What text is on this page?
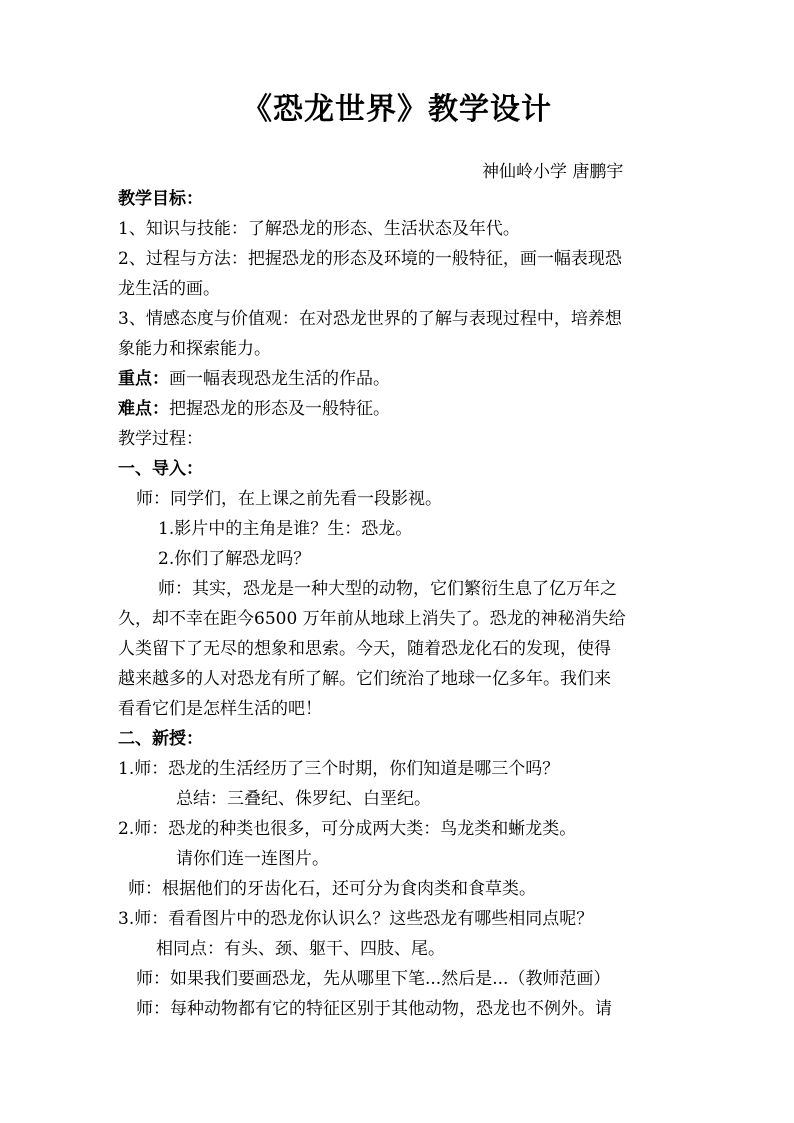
《恐龙世界》教学设计
神仙岭小学 唐鹏宇
教学目标：
1、知识与技能：了解恐龙的形态、生活状态及年代。
2、过程与方法：把握恐龙的形态及环境的一般特征，画一幅表现恐
龙生活的画。
3、情感态度与价值观：在对恐龙世界的了解与表现过程中，培养想
象能力和探索能力。
重点：画一幅表现恐龙生活的作品。
难点：把握恐龙的形态及一般特征。
教学过程：
一、导入：
师：同学们，在上课之前先看一段影视。
1.影片中的主角是谁？生：恐龙。
2.你们了解恐龙吗？
师：其实，恐龙是一种大型的动物，它们繁衍生息了亿万年之
久，却不幸在距今6500 万年前从地球上消失了。恐龙的神秘消失给
人类留下了无尽的想象和思索。今天，随着恐龙化石的发现，使得
越来越多的人对恐龙有所了解。它们统治了地球一亿多年。我们来
看看它们是怎样生活的吧！
二、新授：
1.师：恐龙的生活经历了三个时期，你们知道是哪三个吗？
总结：三叠纪、侏罗纪、白垩纪。
2.师：恐龙的种类也很多，可分成两大类：鸟龙类和蜥龙类。
请你们连一连图片。
师：根据他们的牙齿化石，还可分为食肉类和食草类。
3.师：看看图片中的恐龙你认识么？这些恐龙有哪些相同点呢？
相同点：有头、颈、躯干、四肢、尾。
师：如果我们要画恐龙，先从哪里下笔...然后是...（教师范画）
师：每种动物都有它的特征区别于其他动物，恐龙也不例外。请
